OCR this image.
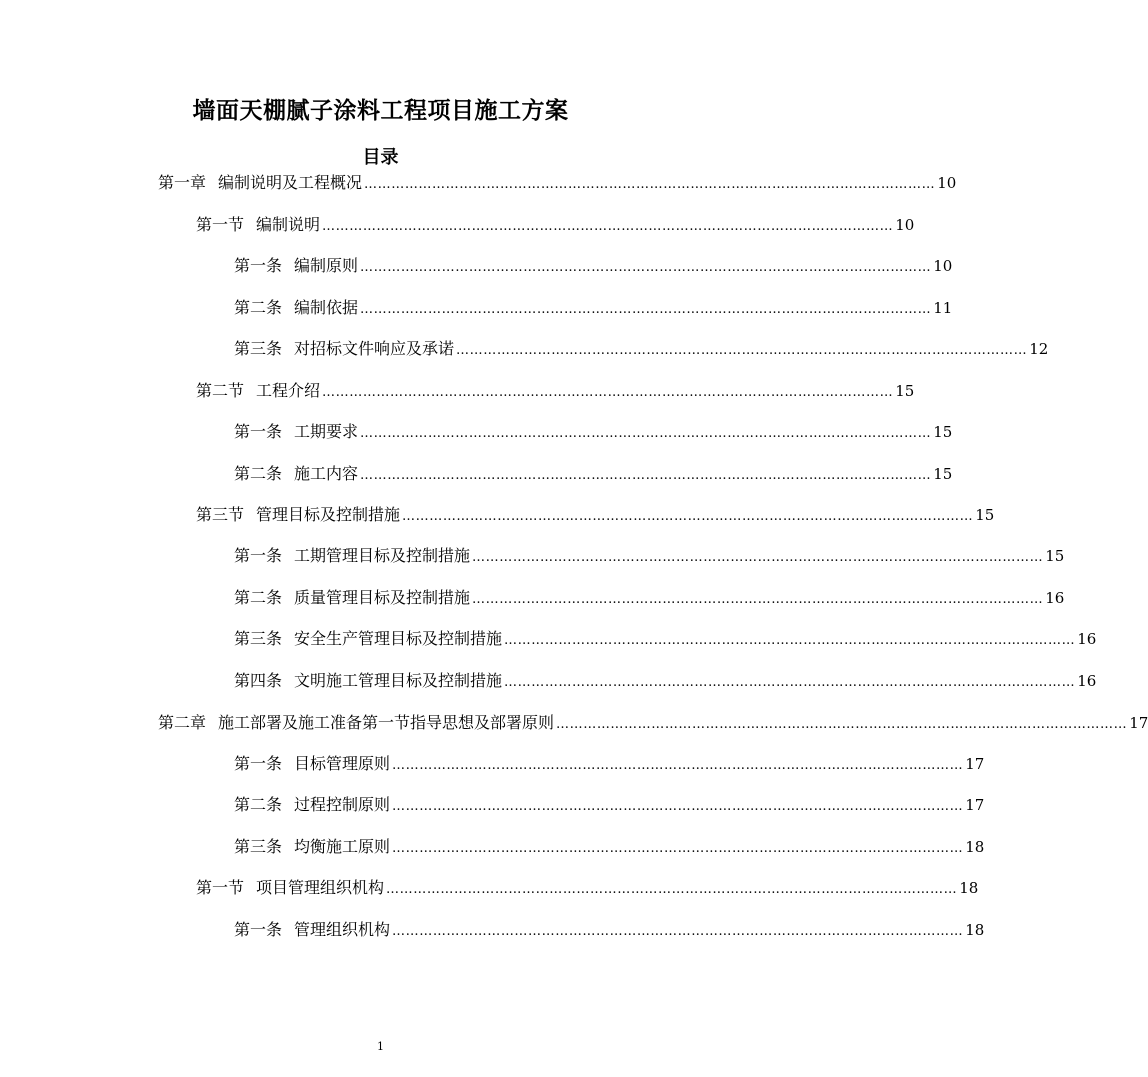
墙面天棚腻子涂料工程项目施工方案
目录
第一章 编制说明及工程概况 ……………………………………………………………………………………………………………… 10
第一节 编制说明 ……………………………………………………………………………………………………………… 10
第一条 编制原则 ……………………………………………………………………………………………………………… 10
第二条 编制依据 ……………………………………………………………………………………………………………… 11
第三条 对招标文件响应及承诺 ……………………………………………………………………………………………………………… 12
第二节 工程介绍 ……………………………………………………………………………………………………………… 15
第一条 工期要求 ……………………………………………………………………………………………………………… 15
第二条 施工内容 ……………………………………………………………………………………………………………… 15
第三节 管理目标及控制措施 ……………………………………………………………………………………………………………… 15
第一条 工期管理目标及控制措施 ……………………………………………………………………………………………………………… 15
第二条 质量管理目标及控制措施 ……………………………………………………………………………………………………………… 16
第三条 安全生产管理目标及控制措施 ……………………………………………………………………………………………………………… 16
第四条 文明施工管理目标及控制措施 ……………………………………………………………………………………………………………… 16
第二章 施工部署及施工准备第一节指导思想及部署原则 ……………………………………………………………………………………………………………… 17
第一条 目标管理原则 ……………………………………………………………………………………………………………… 17
第二条 过程控制原则 ……………………………………………………………………………………………………………… 17
第三条 均衡施工原则 ……………………………………………………………………………………………………………… 18
第一节 项目管理组织机构 ……………………………………………………………………………………………………………… 18
第一条 管理组织机构 ……………………………………………………………………………………………………………… 18
1
